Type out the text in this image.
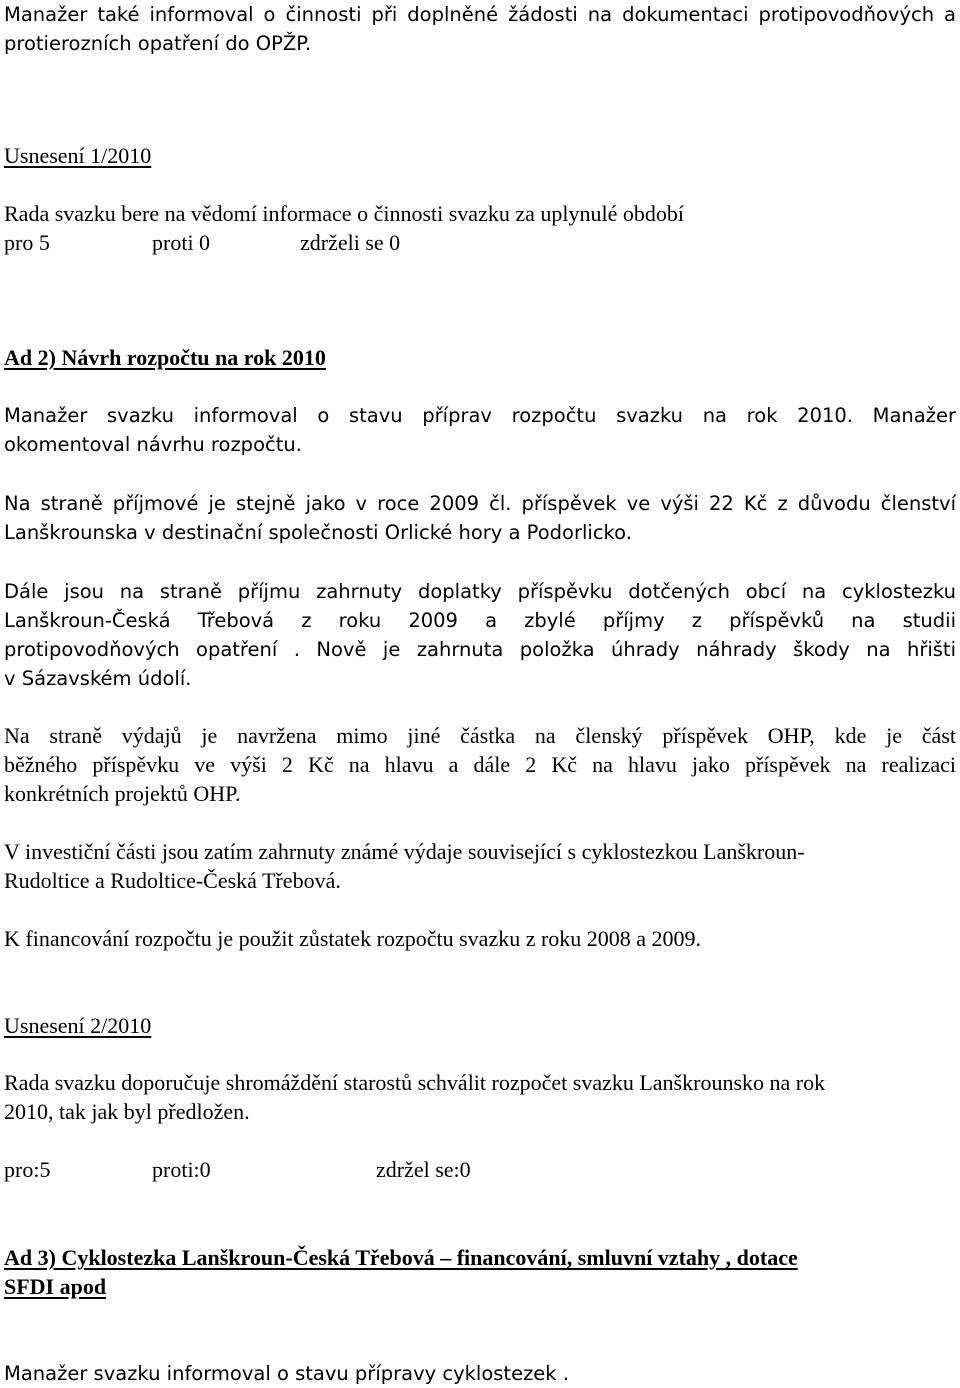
Manažer také informoval o činnosti při doplněné žádosti na dokumentaci protipovodňových a
protierozních opatření do OPŽP.
Usnesení 1/2010
Rada svazku bere na vědomí informace o činnosti svazku za uplynulé období
pro 5	proti 0	zdrželi se 0
Ad 2) Návrh rozpočtu na rok 2010
Manažer svazku informoval o stavu příprav rozpočtu svazku na rok 2010. Manažer
okomentoval návrhu rozpočtu.
Na straně příjmové je stejně jako v roce 2009 čl. příspěvek ve výši 22 Kč z důvodu členství
Lanškrounska v destinační společnosti Orlické hory a Podorlicko.
Dále jsou na straně příjmu zahrnuty doplatky příspěvku dotčených obcí na cyklostezku
Lanškroun-Česká Třebová z roku 2009 a zbylé příjmy z příspěvků na studii
protipovodňových opatření . Nově je zahrnuta položka úhrady náhrady škody na hřišti
v Sázavském údolí.
Na straně výdajů je navržena mimo jiné částka na členský příspěvek OHP, kde je část
běžného příspěvku ve výši 2 Kč na hlavu a dále 2 Kč na hlavu jako příspěvek na realizaci
konkrétních projektů OHP.
V investiční části jsou zatím zahrnuty známé výdaje související s cyklostezkou Lanškroun-
Rudoltice a Rudoltice-Česká Třebová.
K financování rozpočtu je použit zůstatek rozpočtu svazku z roku 2008 a 2009.
Usnesení 2/2010
Rada svazku doporučuje shromáždění starostů schválit rozpočet svazku Lanškrounsko na rok
2010, tak jak byl předložen.
pro:5	proti:0	zdržel se:0
Ad 3) Cyklostezka Lanškroun-Česká Třebová – financování, smluvní vztahy , dotace
SFDI apod
Manažer svazku informoval o stavu přípravy cyklostezek .
